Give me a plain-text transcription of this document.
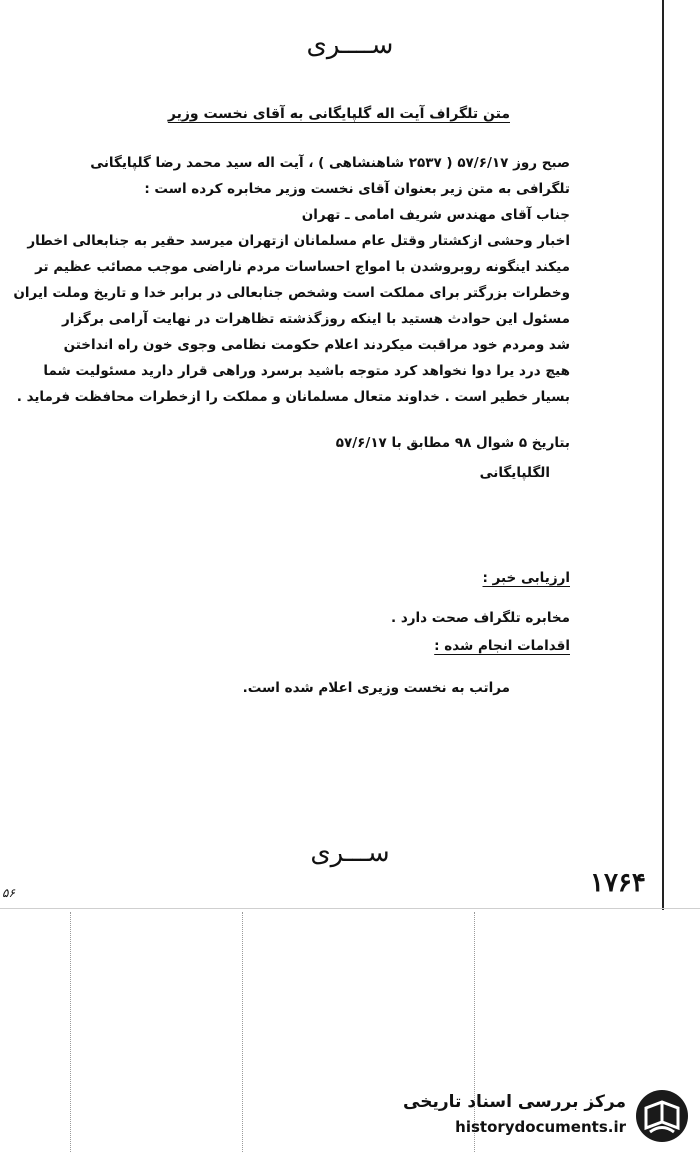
ســــری
متن تلگراف آیت اله گلپایگانی به آقای نخست وزیر
صبح روز ۵۷/۶/۱۷ ( ۲۵۳۷ شاهنشاهی ) ، آیت اله سید محمد رضا گلپایگانی
تلگرافی به متن زیر بعنوان آقای نخست وزیر مخابره کرده است :
جناب آقای مهندس شریف امامی ـ تهران
اخبار وحشی ازکشتار وقتل عام مسلمانان ازتهران میرسد حقیر به جنابعالی اخطار
میکند اینگونه روبروشدن با امواج احساسات مردم ناراضی موجب مصائب عظیم تر
وخطرات بزرگتر برای مملکت است وشخص جنابعالی در برابر خدا و تاریخ وملت ایران
مسئول این حوادث هستید با اینکه روزگذشته تظاهرات در نهایت آرامی برگزار
شد ومردم خود مراقبت میکردند اعلام حکومت نظامی وجوی خون راه انداختن
هیچ درد یرا دوا نخواهد کرد متوجه باشید برسرد وراهی قرار دارید مسئولیت شما
بسیار خطیر است . خداوند متعال مسلمانان و مملکت را ازخطرات محافظت فرماید .
بتاریخ ۵ شوال ۹۸ مطابق با ۵۷/۶/۱۷
الگلپایگانی
ارزیابی خبر :
مخابره تلگراف صحت دارد .
اقدامات انجام شده :
مراتب به نخست وزیری اعلام شده است.
ســـری
۱۷۶۴
۵۶
مرکز بررسی اسناد تاریخی
historydocuments.ir
